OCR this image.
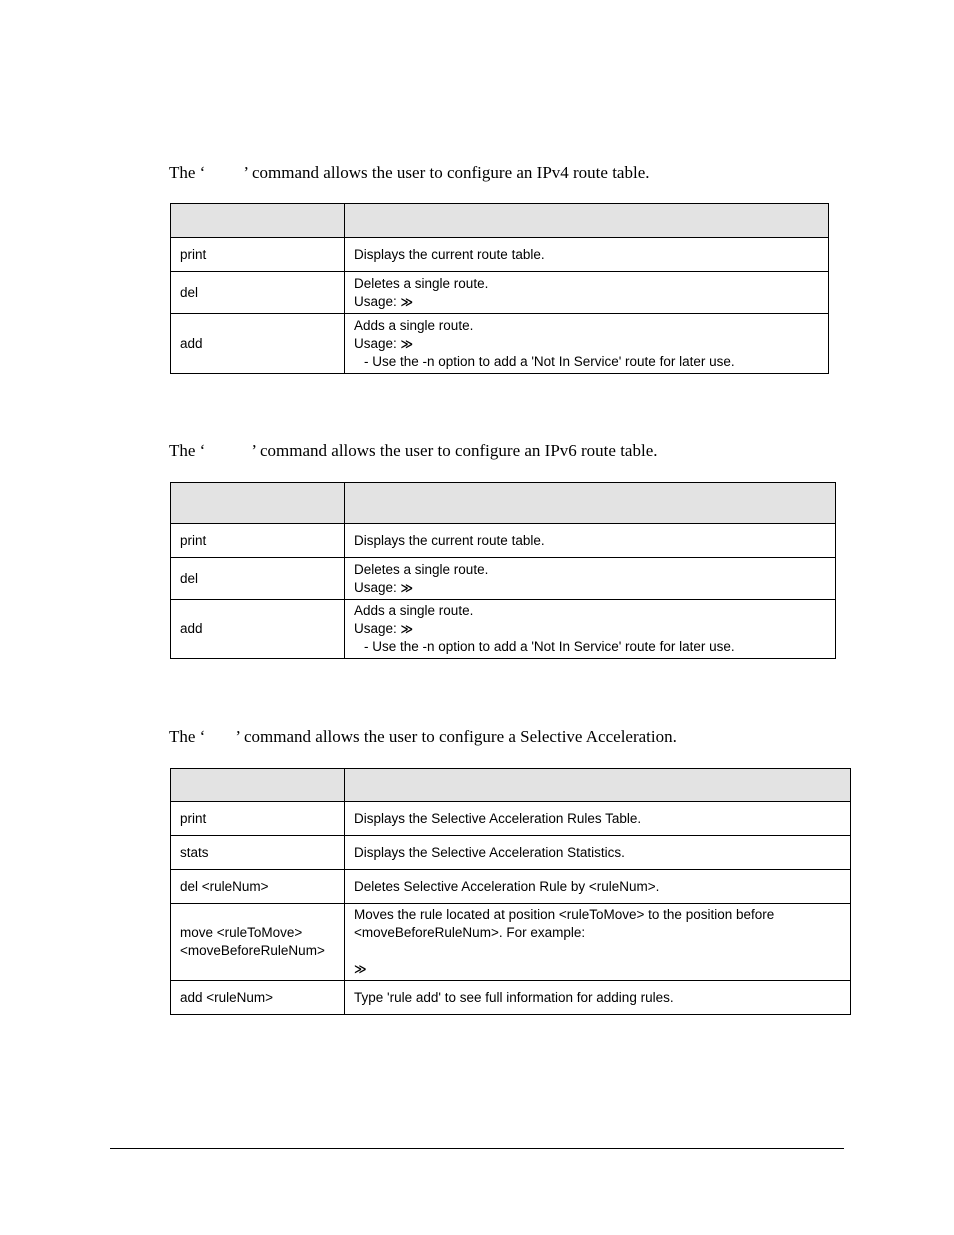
The ‘ ’ command allows the user to configure an IPv4 route table.

print	Displays the current route table.

del	Deletes a single route.
Usage: ≫

add	Adds a single route.
Usage: ≫
- Use the -n option to add a 'Not In Service' route for later use.
The ‘	’ command allows the user to configure an IPv6 route table.

print	Displays the current route table.

del	Deletes a single route.
Usage: ≫

add	Adds a single route.
Usage: ≫
- Use the -n option to add a 'Not In Service' route for later use.
The ‘ ’ command allows the user to configure a Selective Acceleration.

print	Displays the Selective Acceleration Rules Table.
stats	Displays the Selective Acceleration Statistics.
del <ruleNum>	Deletes Selective Acceleration Rule by <ruleNum>.

move <ruleToMove>
<moveBeforeRuleNum>	Moves the rule located at position <ruleToMove> to the position before
<moveBeforeRuleNum>. For example:
≫

add <ruleNum>	Type 'rule add' to see full information for adding rules.
